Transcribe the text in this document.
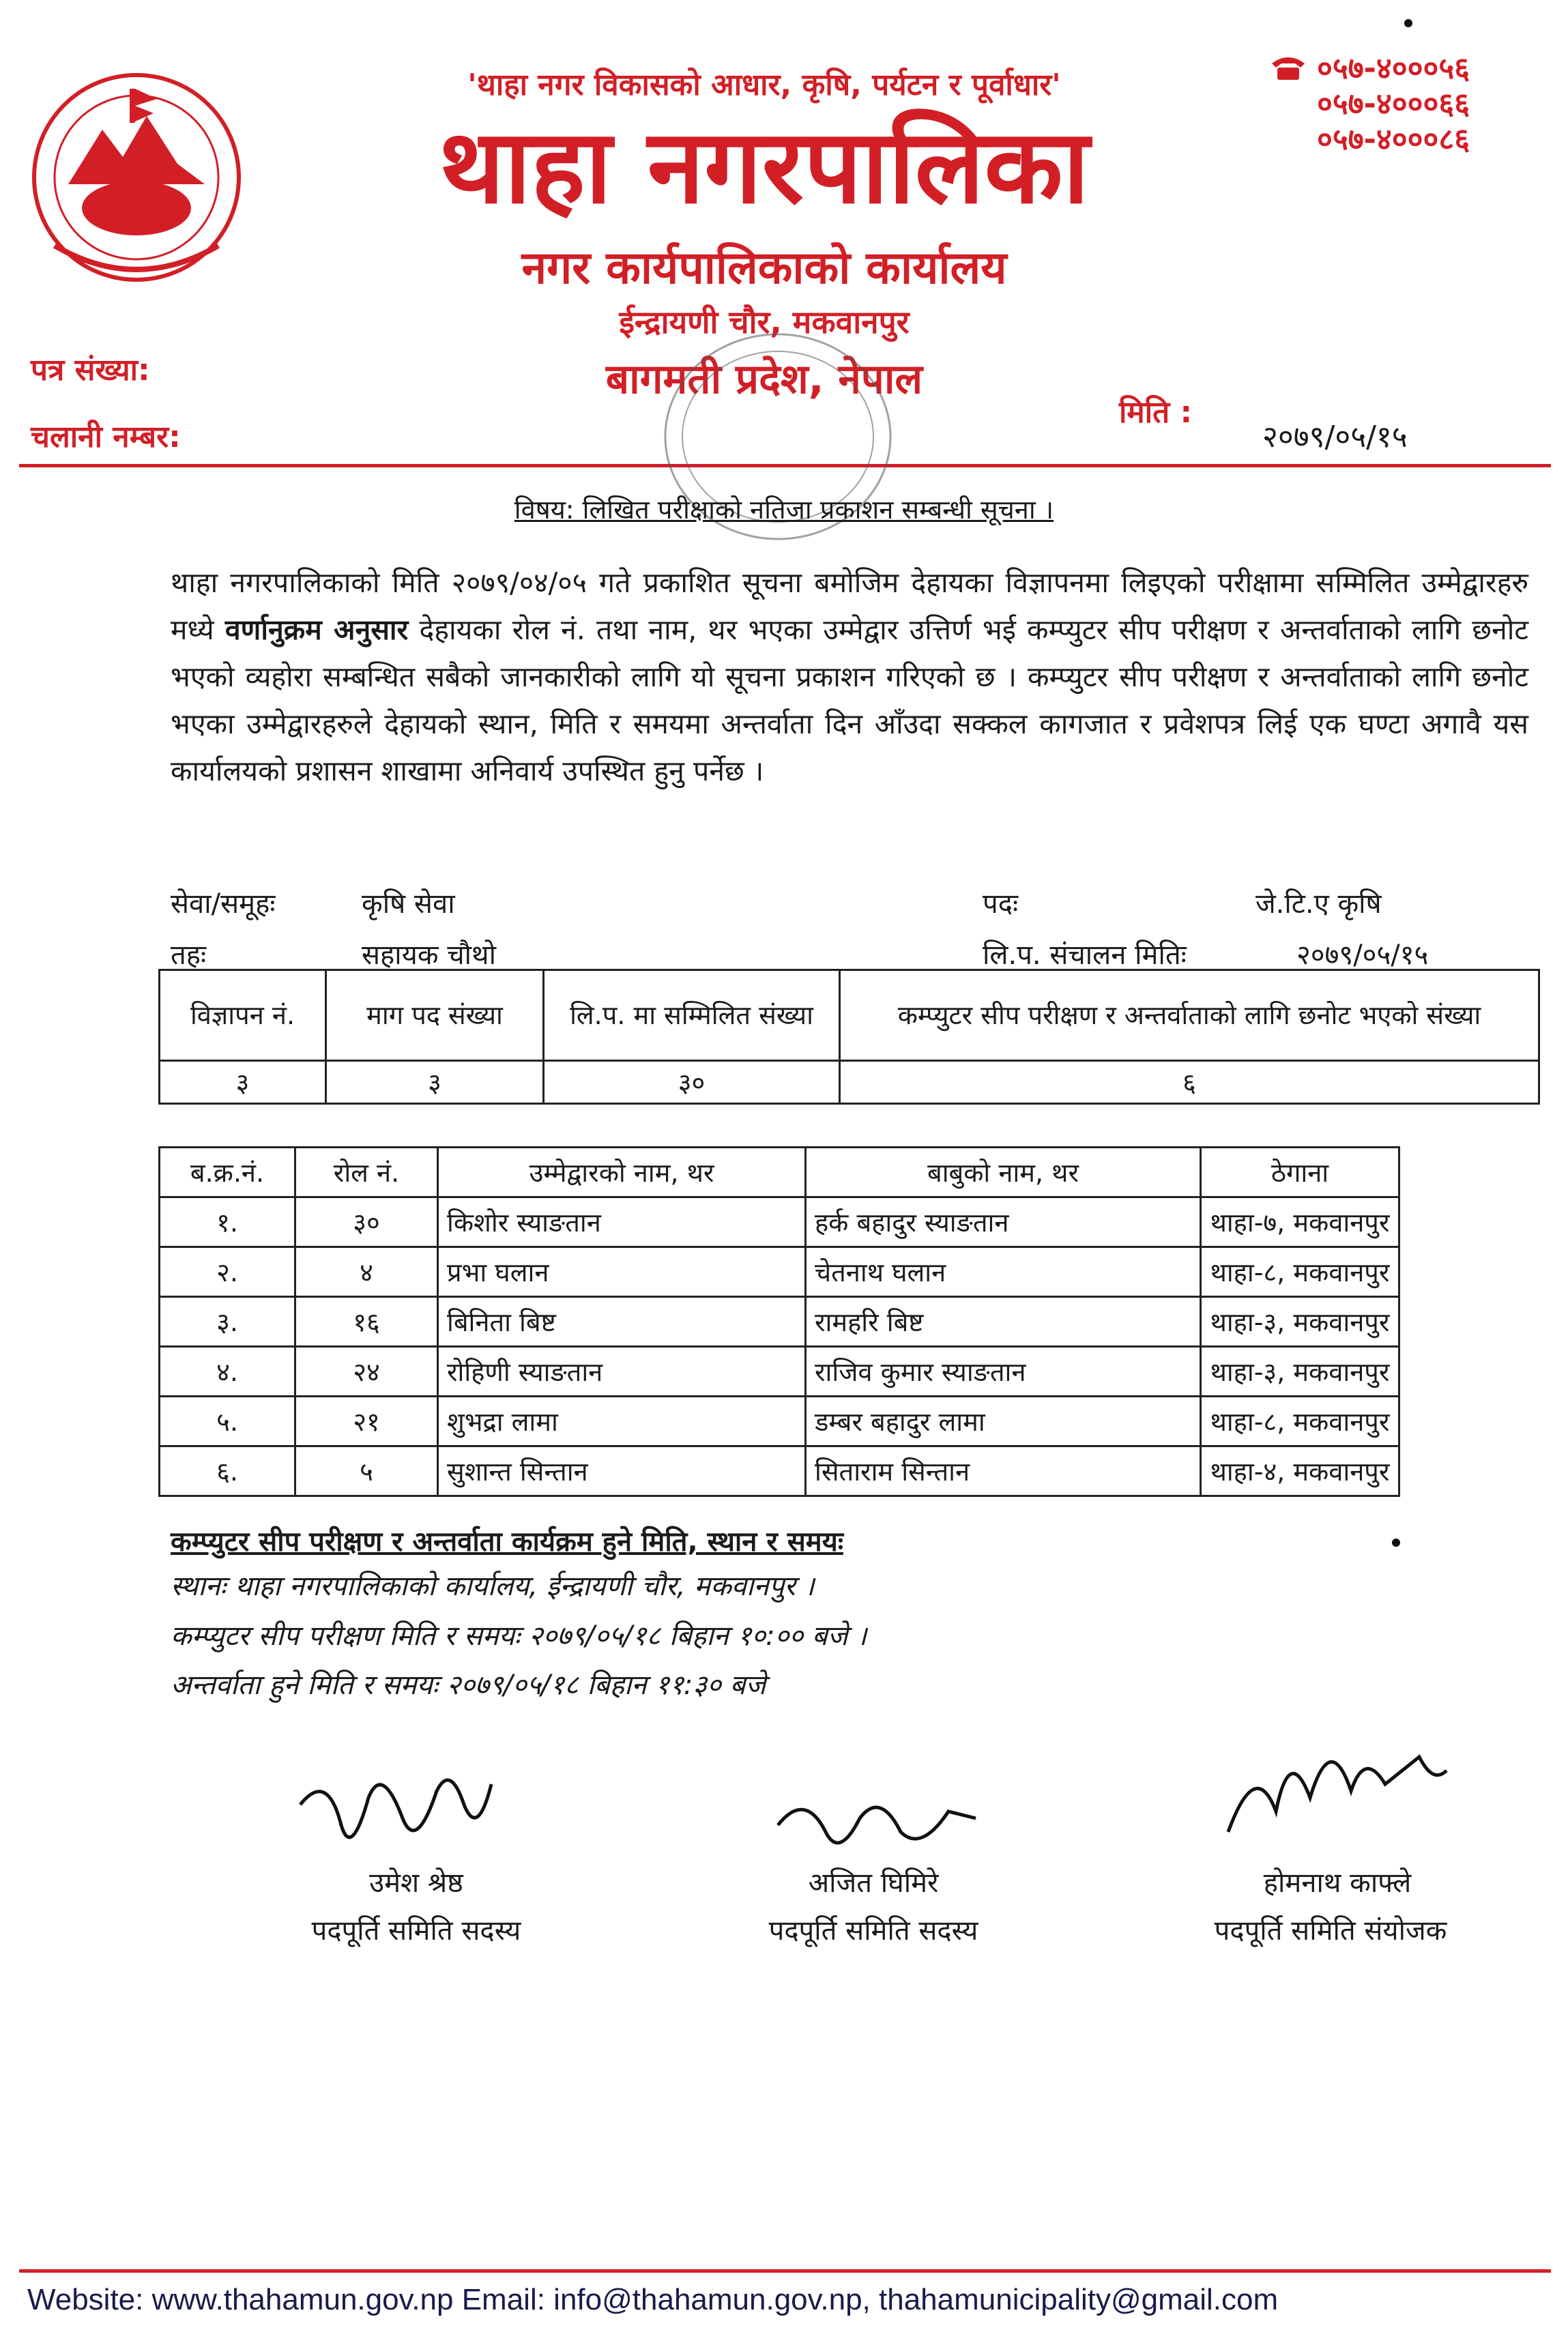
'थाहा नगर विकासको आधार, कृषि, पर्यटन र पूर्वाधार'
थाहा नगरपालिका
नगर कार्यपालिकाको कार्यालय
ईन्द्रायणी चौर, मकवानपुर
बागमती प्रदेश, नेपाल
०५७-४०००५६
०५७-४०००६६
०५७-४०००८६
पत्र संख्या:
चलानी नम्बर:
मिति :
२०७९/०५/१५
विषय: लिखित परीक्षाको नतिजा प्रकाशन सम्बन्धी सूचना ।
थाहा नगरपालिकाको मिति २०७९/०४/०५ गते प्रकाशित सूचना बमोजिम देहायका विज्ञापनमा लिइएको परीक्षामा सम्मिलित उम्मेद्वारहरु मध्ये वर्णानुक्रम अनुसार देहायका रोल नं. तथा नाम, थर भएका उम्मेद्वार उत्तिर्ण भई कम्प्युटर सीप परीक्षण र अन्तर्वाताको लागि छनोट भएको व्यहोरा सम्बन्धित सबैको जानकारीको लागि यो सूचना प्रकाशन गरिएको छ । कम्प्युटर सीप परीक्षण र अन्तर्वाताको लागि छनोट भएका उम्मेद्वारहरुले देहायको स्थान, मिति र समयमा अन्तर्वाता दिन आँउदा सक्कल कागजात र प्रवेशपत्र लिई एक घण्टा अगावै यस कार्यालयको प्रशासन शाखामा अनिवार्य उपस्थित हुनु पर्नेछ ।
सेवा/समूहः	कृषि सेवा	पदः	जे.टि.ए कृषि
तहः	सहायक चौथो	लि.प. संचालन मितिः	२०७९/०५/१५
विज्ञापन नं.	माग पद संख्या	लि.प. मा सम्मिलित संख्या	कम्प्युटर सीप परीक्षण र अन्तर्वाताको लागि छनोट भएको संख्या
३	३	३०	६
ब.क्र.नं.	रोल नं.	उम्मेद्वारको नाम, थर	बाबुको नाम, थर	ठेगाना
१.	३०	किशोर स्याङतान	हर्क बहादुर स्याङतान	थाहा-७, मकवानपुर
२.	४	प्रभा घलान	चेतनाथ घलान	थाहा-८, मकवानपुर
३.	१६	बिनिता बिष्ट	रामहरि बिष्ट	थाहा-३, मकवानपुर
४.	२४	रोहिणी स्याङतान	राजिव कुमार स्याङतान	थाहा-३, मकवानपुर
५.	२१	शुभद्रा लामा	डम्बर बहादुर लामा	थाहा-८, मकवानपुर
६.	५	सुशान्त सिन्तान	सिताराम सिन्तान	थाहा-४, मकवानपुर
कम्प्युटर सीप परीक्षण र अन्तर्वाता कार्यक्रम हुने मिति, स्थान र समयः
स्थानः थाहा नगरपालिकाको कार्यालय, ईन्द्रायणी चौर, मकवानपुर ।
कम्प्युटर सीप परीक्षण मिति र समयः २०७९/०५/१८ बिहान १०:०० बजे ।
अन्तर्वाता हुने मिति र समयः २०७९/०५/१८ बिहान ११:३० बजे
उमेश श्रेष्ठ
पदपूर्ति समिति सदस्य
अजित घिमिरे
पदपूर्ति समिति सदस्य
होमनाथ काफ्ले
पदपूर्ति समिति संयोजक
Website: www.thahamun.gov.np Email: info@thahamun.gov.np, thahamunicipality@gmail.com
